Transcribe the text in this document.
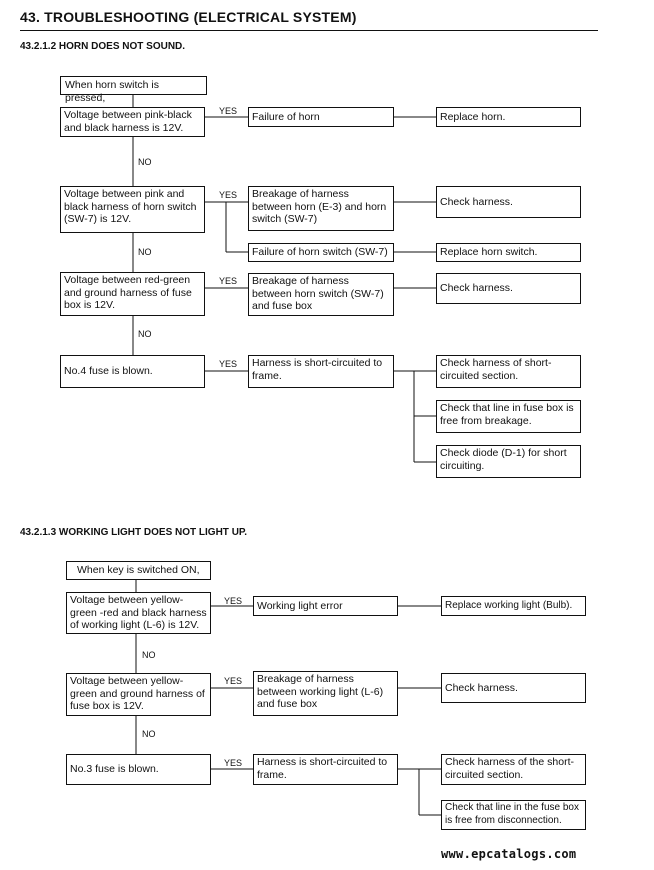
43. TROUBLESHOOTING (ELECTRICAL SYSTEM)
43.2.1.2 HORN DOES NOT SOUND.
When horn switch is pressed,
Voltage between pink-black and black harness is 12V.
Voltage between pink and black harness of horn switch (SW-7) is 12V.
Voltage between red-green and ground harness of fuse box is 12V.
No.4 fuse is blown.
Failure of horn
Breakage of harness between horn (E-3) and horn switch (SW-7)
Failure of horn switch (SW-7)
Breakage of harness between horn switch (SW-7) and fuse box
Harness is short-circuited to frame.
Replace horn.
Check harness.
Replace horn switch.
Check harness.
Check harness of short-circuited section.
Check that line in fuse box is free from breakage.
Check diode (D-1) for short circuiting.
YES
YES
YES
YES
NO
NO
NO
43.2.1.3 WORKING LIGHT DOES NOT LIGHT UP.
When key is switched ON,
Voltage between yellow-green -red and black harness of working light (L-6) is 12V.
Voltage between yellow-green and ground harness of fuse box is 12V.
No.3 fuse is blown.
Working light error
Breakage of harness between working light (L-6) and fuse box
Harness is short-circuited to frame.
Replace working light (Bulb).
Check harness.
Check harness of the short-circuited section.
Check that line in the fuse box is free from disconnection.
YES
YES
YES
NO
NO
www.epcatalogs.com
